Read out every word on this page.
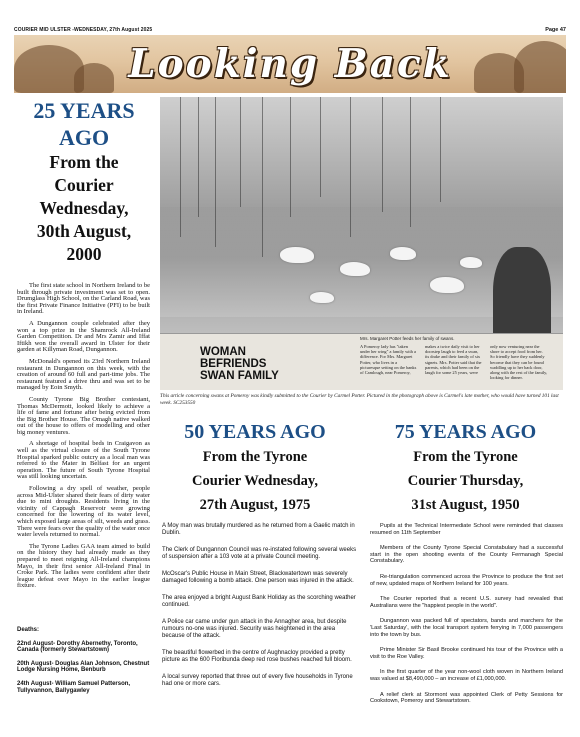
COURIER MID ULSTER -WEDNESDAY, 27th August 2025	Page 47
Looking Back
25 YEARS AGO
From the
Courier
Wednesday,
30th August,
2000

The first state school in Northern Ireland to be built through private investment was set to open. Drumglass High School, on the Carland Road, was the first Private Finance Initiative (PFI) to be built in Ireland.

A Dungannon couple celebrated after they won a top prize in the Shamrock All-Ireland Garden Competition. Dr and Mrs Zamir and Iffat Iftikh won the overall award in Ulster for their garden at Killyman Road, Dungannon.

McDonald's opened its 23rd Northern Ireland restaurant in Dungannon on this week, with the creation of around 60 full and part-time jobs. The restaurant featured a drive thru and was set to be managed by Eoin Smyth.

County Tyrone Big Brother contestant, Thomas McDermott, looked likely to achieve a life of fame and fortune after being evicted from the Big Brother House. The Omagh native walked out of the house to offers of modelling and other big money ventures.

A shortage of hospital beds in Craigavon as well as the virtual closure of the South Tyrone Hospital sparked public outcry as a local man was referred to the Mater in Belfast for an urgent operation. The future of South Tyrone Hospital was still looking uncertain.

Following a dry spell of weather, people across Mid-Ulster shared their fears of dirty water due to mini droughts. Residents living in the vicinity of Cappagh Reservoir were growing concerned for the lowering of its water level, which exposed large areas of silt, weeds and grass. There were fears over the quality of the water once water levels returned to normal.

The Tyrone Ladies GAA team aimed to build on the history they had already made as they prepared to meet reigning All-Ireland champions Mayo, in their first senior All-Ireland Final in Croke Park. The ladies were confident after their league defeat over Mayo in the earlier league fixture.

Deaths:

22nd August- Dorothy Abernethy, Toronto, Canada (formerly Stewartstown)

20th August- Douglas Alan Johnson, Chestnut Lodge Nursing Home, Benburb

24th August- William Samuel Patterson, Tullyvannon, Ballygawley

Mrs. Margaret Potter feeds her family of swans.
WOMAN
BEFRIENDS
SWAN FAMILY
A Pomeroy lady has "taken under her wing" a family with a difference. For Mrs. Margaret Potter, who lives in a picturesque setting on the banks of Camlough, near Pomeroy,
makes a twice daily visit to her doorstep laugh to feed a swan, its drake and their family of six signets. Mrs. Potter said that the parents, which had been on the laugh for some 25 years, were
only now venturing near the shore to accept food from her. So friendly have they suddenly become that they can be found waddling up to her back door, along with the rest of the family, looking for dinner.
This article concerning swans at Pomeroy was kindly submitted to the Courier by Carmel Potter. Pictured in the photograph above is Carmel's late mother, who would have turned 101 last week. SC253550
50 YEARS AGO
From the Tyrone
Courier Wednesday,
27th August, 1975

A Moy man was brutally murdered as he returned from a Gaelic match in Dublin.

The Clerk of Dungannon Council was re-instated following several weeks of suspension after a 103 vote at a private Council meeting.

McOscar's Public House in Main Street, Blackwatertown was severely damaged following a bomb attack. One person was injured in the attack.

The area enjoyed a bright August Bank Holiday as the scorching weather continued.

A Police car came under gun attack in the Annagher area, but despite rumours no-one was injured. Security was heightened in the area because of the attack.

The beautiful flowerbed in the centre of Aughnacloy provided a pretty picture as the 600 Floribunda deep red rose bushes reached full bloom.

A local survey reported that three out of every five households in Tyrone had one or more cars.

75 YEARS AGO
From the Tyrone
Courier Thursday,
31st August, 1950

Pupils at the Technical Intermediate School were reminded that classes resumed on 11th September

Members of the County Tyrone Special Constabulary had a successful start in the open shooting events of the County Fermanagh Special Constabulary.

Re-triangulation commenced across the Province to produce the first set of new, updated maps of Northern Ireland for 100 years.

The Courier reported that a recent U.S. survey had revealed that Australians were the "happiest people in the world".

Dungannon was packed full of spectators, bands and marchers for the 'Last Saturday', with the local transport system ferrying in 7,000 passengers into the town by bus.

Prime Minister Sir Basil Brooke continued his tour of the Province with a visit to the Roe Valley.

In the first quarter of the year non-wool cloth woven in Northern Ireland was valued at $8,490,000 – an increase of £1,000,000.

A relief clerk at Stormont was appointed Clerk of Petty Sessions for Cookstown, Pomeroy and Stewartstown.
